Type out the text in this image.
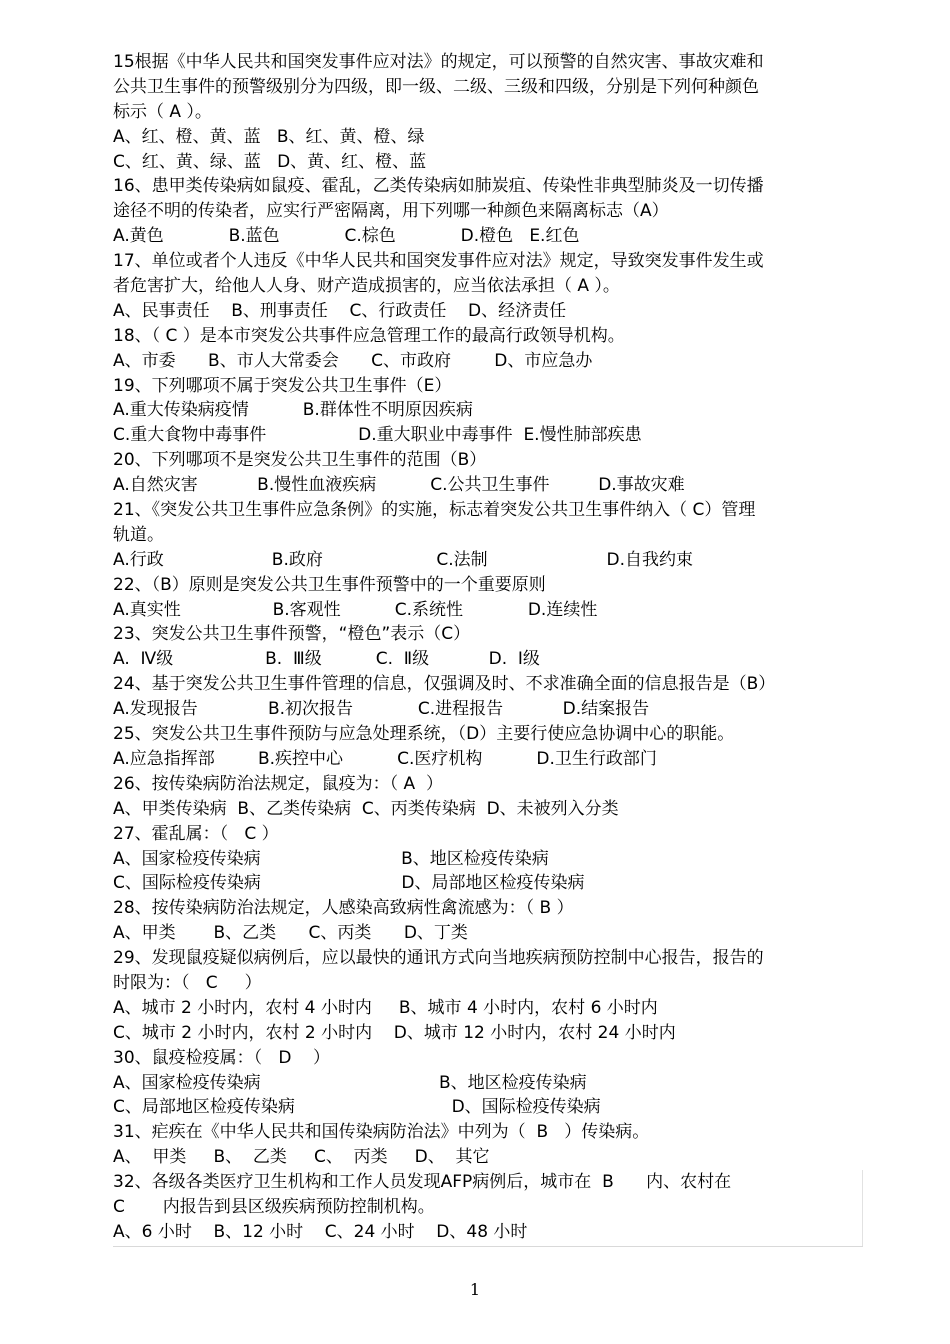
15根据《中华人民共和国突发事件应对法》的规定，可以预警的自然灾害、事故灾难和
公共卫生事件的预警级别分为四级，即一级、二级、三级和四级，分别是下列何种颜色
标示（ A ）。
A、红、橙、黄、蓝   B、红、黄、橙、绿
C、红、黄、绿、蓝   D、黄、红、橙、蓝
16、患甲类传染病如鼠疫、霍乱，乙类传染病如肺炭疽、传染性非典型肺炎及一切传播
途径不明的传染者，应实行严密隔离，用下列哪一种颜色来隔离标志（A）
A.黄色            B.蓝色            C.棕色            D.橙色   E.红色
17、单位或者个人违反《中华人民共和国突发事件应对法》规定，导致突发事件发生或
者危害扩大，给他人人身、财产造成损害的，应当依法承担（ A ）。
A、民事责任    B、刑事责任    C、行政责任    D、经济责任
18、（ C ）是本市突发公共事件应急管理工作的最高行政领导机构。
A、市委      B、市人大常委会      C、市政府        D、市应急办
19、下列哪项不属于突发公共卫生事件（E）
A.重大传染病疫情          B.群体性不明原因疾病
C.重大食物中毒事件                 D.重大职业中毒事件  E.慢性肺部疾患
20、下列哪项不是突发公共卫生事件的范围（B）
A.自然灾害           B.慢性血液疾病          C.公共卫生事件         D.事故灾难
21、《突发公共卫生事件应急条例》的实施，标志着突发公共卫生事件纳入（ C）管理
轨道。
A.行政                    B.政府                     C.法制                      D.自我约束
22、（B）原则是突发公共卫生事件预警中的一个重要原则
A.真实性                 B.客观性          C.系统性            D.连续性
23、突发公共卫生事件预警，“橙色”表示（C）
A.  Ⅳ级                 B.  Ⅲ级          C.  Ⅱ级           D.  Ⅰ级
24、基于突发公共卫生事件管理的信息，仅强调及时、不求准确全面的信息报告是（B）
A.发现报告             B.初次报告            C.进程报告           D.结案报告
25、突发公共卫生事件预防与应急处理系统，（D）主要行使应急协调中心的职能。
A.应急指挥部        B.疾控中心          C.医疗机构          D.卫生行政部门
26、按传染病防治法规定，鼠疫为：（ A  ）
A、甲类传染病  B、乙类传染病  C、丙类传染病  D、未被列入分类
27、霍乱属：（   C ）
A、国家检疫传染病                          B、地区检疫传染病
C、国际检疫传染病                          D、局部地区检疫传染病
28、按传染病防治法规定，人感染高致病性禽流感为：（ B ）
A、甲类       B、乙类      C、丙类      D、丁类
29、发现鼠疫疑似病例后，应以最快的通讯方式向当地疾病预防控制中心报告，报告的
时限为：（   C     ）
A、城市 2 小时内，农村 4 小时内     B、城市 4 小时内，农村 6 小时内
C、城市 2 小时内，农村 2 小时内    D、城市 12 小时内，农村 24 小时内
30、鼠疫检疫属：（   D    ）
A、国家检疫传染病                                 B、地区检疫传染病
C、局部地区检疫传染病                             D、国际检疫传染病
31、疟疾在《中华人民共和国传染病防治法》中列为（  B   ）传染病。
A、  甲类     B、  乙类     C、  丙类     D、  其它
32、各级各类医疗卫生机构和工作人员发现AFP病例后，城市在  B      内、农村在
C       内报告到县区级疾病预防控制机构。
A、6 小时    B、12 小时    C、24 小时    D、48 小时
1
